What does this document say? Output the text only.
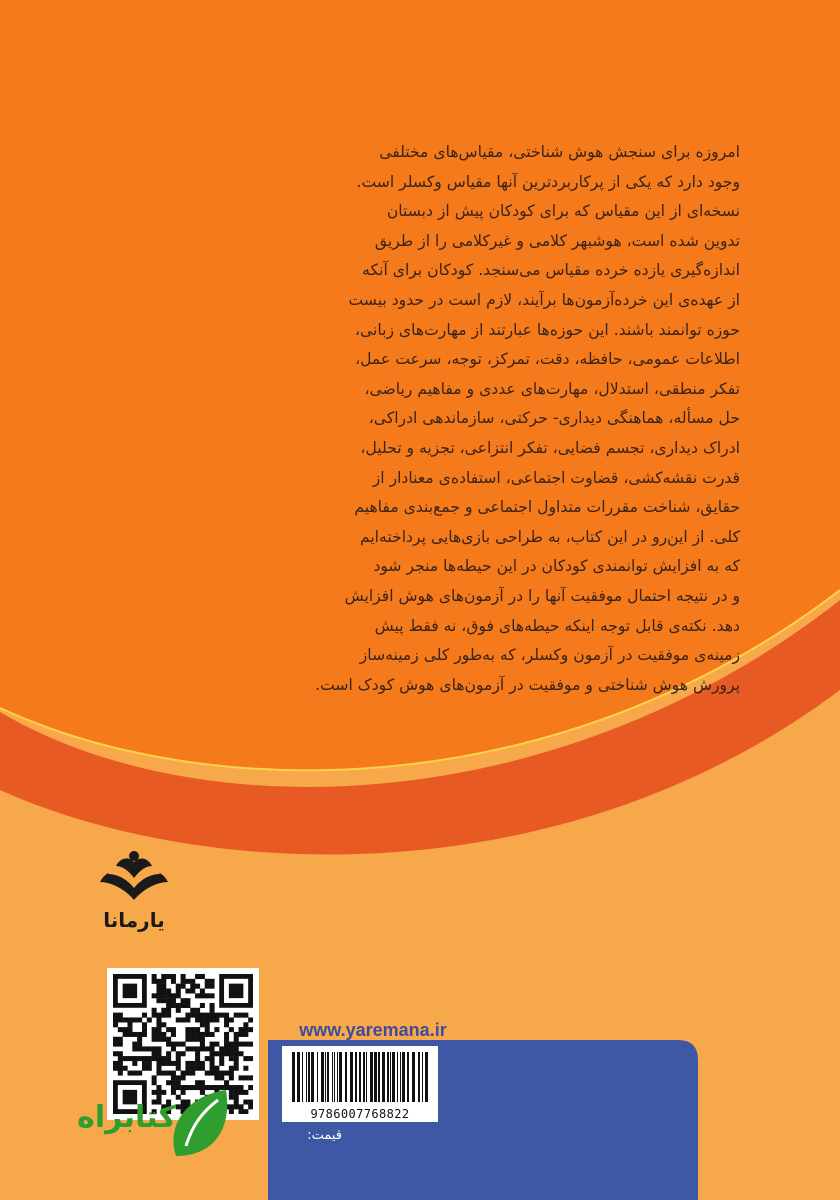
امروزه برای سنجش هوش شناختی، مقیاس‌های مختلفی
وجود دارد که یکی از پرکاربردترین آنها مقیاس وکسلر است.
نسخه‌ای از این مقیاس که برای کودکان پیش از دبستان
تدوین شده است، هوشبهر کلامی و غیرکلامی را از طریق
اندازه‌گیری یازده خرده مقیاس می‌سنجد. کودکان برای آنکه
از عهده‌ی این خرده‌آزمون‌ها برآیند، لازم است در حدود بیست
حوزه توانمند باشند. این حوزه‌ها عبارتند از مهارت‌های زبانی،
اطلاعات عمومی، حافظه، دقت، تمرکز، توجه، سرعت عمل،
تفکر منطقی، استدلال، مهارت‌های عددی و مفاهیم ریاضی،
حل مسأله، هماهنگی دیداری- حرکتی، سازماندهی ادراکی،
ادراک دیداری، تجسم فضایی، تفکر انتزاعی، تجزیه و تحلیل،
قدرت نقشه‌کشی، قضاوت اجتماعی، استفاده‌ی معنادار از
حقایق، شناخت مقررات متداول اجتماعی و جمع‌بندی مفاهیم
کلی. از این‌رو در این کتاب، به طراحی بازی‌هایی پرداخته‌ایم
که به افزایش توانمندی کودکان در این حیطه‌ها منجر شود
و در نتیجه احتمال موفقیت آنها را در آزمون‌های هوش افزایش
دهد. نکته‌ی قابل توجه اینکه حیطه‌های فوق، نه فقط پیش
زمینه‌ی موفقیت در آزمون وکسلر، که به‌طور کلی زمینه‌ساز
پرورش هوش شناختی و موفقیت در آزمون‌های هوش کودک است.
یارمانا
www.yaremana.ir
9786007768822
قیمت:
کتابراه
